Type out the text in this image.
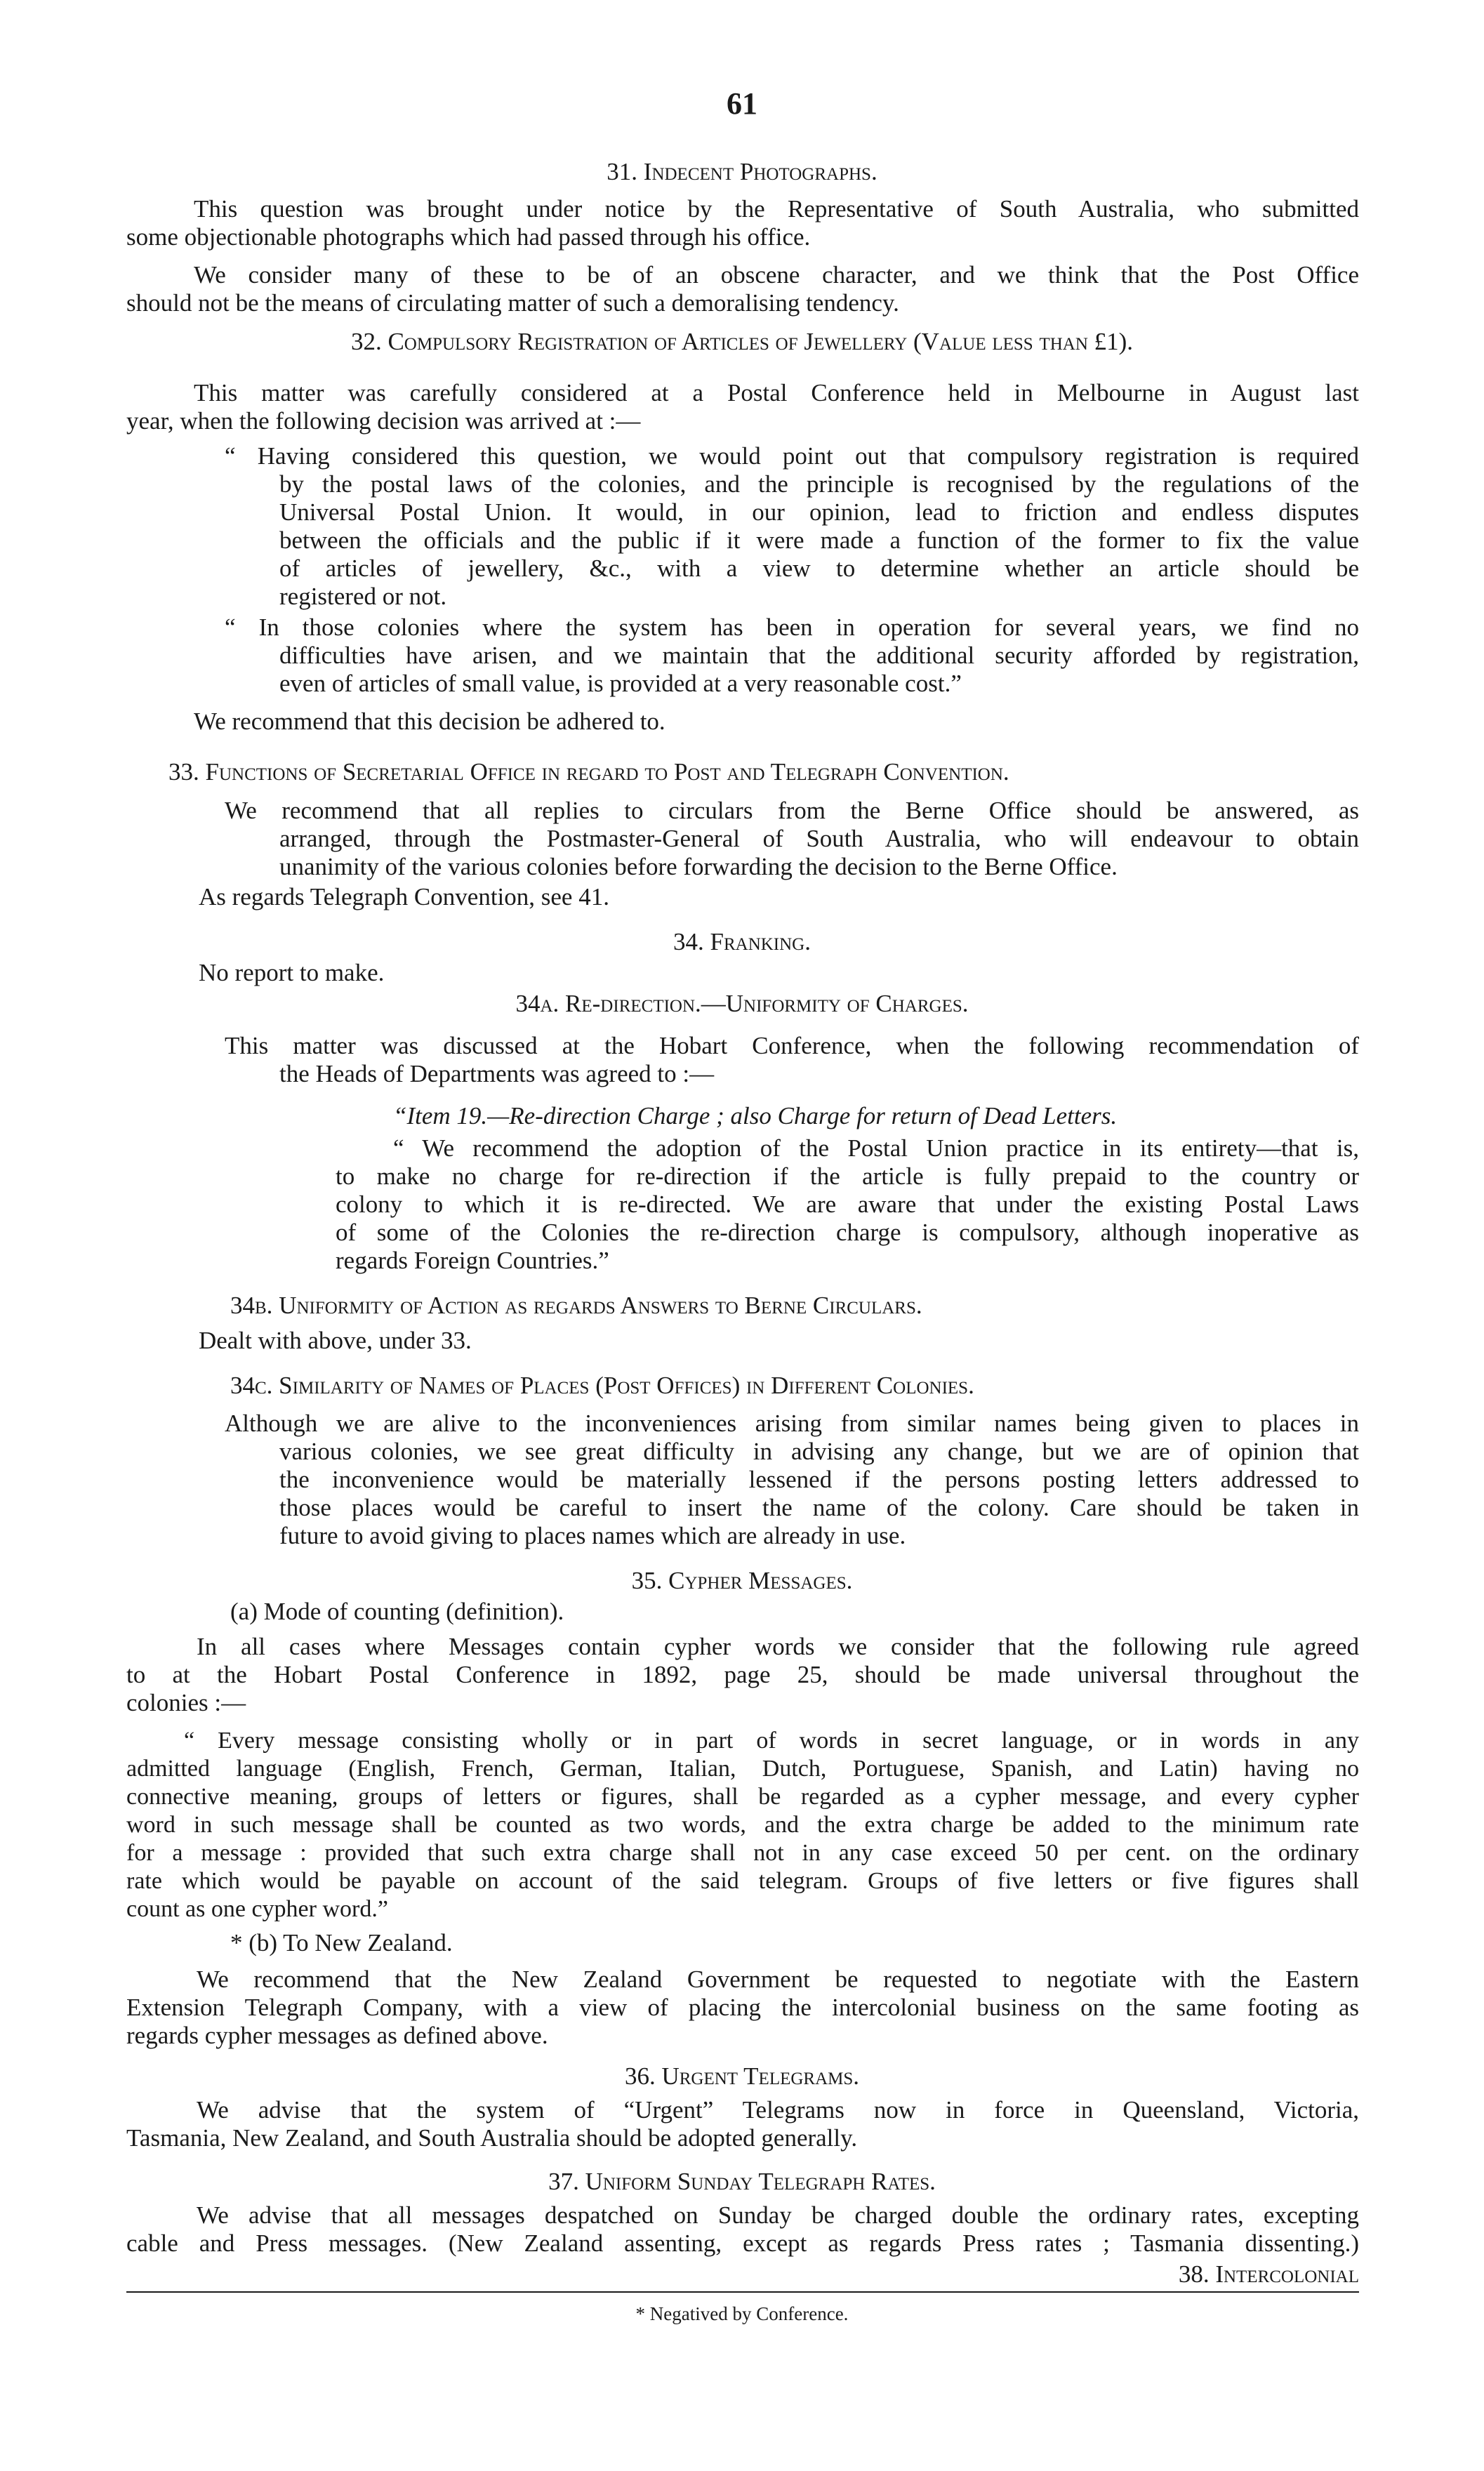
61
31. Indecent Photographs.
This question was brought under notice by the Representative of South Australia, who submitted
some objectionable photographs which had passed through his office.
We consider many of these to be of an obscene character, and we think that the Post Office
should not be the means of circulating matter of such a demoralising tendency.
32. Compulsory Registration of Articles of Jewellery (Value less than £1).
This matter was carefully considered at a Postal Conference held in Melbourne in August last
year, when the following decision was arrived at :—
“ Having considered this question, we would point out that compulsory registration is required
by the postal laws of the colonies, and the principle is recognised by the regulations of the
Universal Postal Union. It would, in our opinion, lead to friction and endless disputes
between the officials and the public if it were made a function of the former to fix the value
of articles of jewellery, &c., with a view to determine whether an article should be
registered or not.
“ In those colonies where the system has been in operation for several years, we find no
difficulties have arisen, and we maintain that the additional security afforded by registration,
even of articles of small value, is provided at a very reasonable cost.”
We recommend that this decision be adhered to.
33. Functions of Secretarial Office in regard to Post and Telegraph Convention.
We recommend that all replies to circulars from the Berne Office should be answered, as
arranged, through the Postmaster-General of South Australia, who will endeavour to obtain
unanimity of the various colonies before forwarding the decision to the Berne Office.
As regards Telegraph Convention, see 41.
34. Franking.
No report to make.
34a. Re-direction.—Uniformity of Charges.
This matter was discussed at the Hobart Conference, when the following recommendation of
the Heads of Departments was agreed to :—
“Item 19.—Re-direction Charge ; also Charge for return of Dead Letters.
“ We recommend the adoption of the Postal Union practice in its entirety—that is,
to make no charge for re-direction if the article is fully prepaid to the country or
colony to which it is re-directed. We are aware that under the existing Postal Laws
of some of the Colonies the re-direction charge is compulsory, although inoperative as
regards Foreign Countries.”
34b. Uniformity of Action as regards Answers to Berne Circulars.
Dealt with above, under 33.
34c. Similarity of Names of Places (Post Offices) in Different Colonies.
Although we are alive to the inconveniences arising from similar names being given to places in
various colonies, we see great difficulty in advising any change, but we are of opinion that
the inconvenience would be materially lessened if the persons posting letters addressed to
those places would be careful to insert the name of the colony. Care should be taken in
future to avoid giving to places names which are already in use.
35. Cypher Messages.
(a) Mode of counting (definition).
In all cases where Messages contain cypher words we consider that the following rule agreed
to at the Hobart Postal Conference in 1892, page 25, should be made universal throughout the
colonies :—
“ Every message consisting wholly or in part of words in secret language, or in words in any
admitted language (English, French, German, Italian, Dutch, Portuguese, Spanish, and Latin) having no
connective meaning, groups of letters or figures, shall be regarded as a cypher message, and every cypher
word in such message shall be counted as two words, and the extra charge be added to the minimum rate
for a message : provided that such extra charge shall not in any case exceed 50 per cent. on the ordinary
rate which would be payable on account of the said telegram. Groups of five letters or five figures shall
count as one cypher word.”
* (b) To New Zealand.
We recommend that the New Zealand Government be requested to negotiate with the Eastern
Extension Telegraph Company, with a view of placing the intercolonial business on the same footing as
regards cypher messages as defined above.
36. Urgent Telegrams.
We advise that the system of “Urgent” Telegrams now in force in Queensland, Victoria,
Tasmania, New Zealand, and South Australia should be adopted generally.
37. Uniform Sunday Telegraph Rates.
We advise that all messages despatched on Sunday be charged double the ordinary rates, excepting
cable and Press messages. (New Zealand assenting, except as regards Press rates ; Tasmania dissenting.)
38. Intercolonial
* Negatived by Conference.
